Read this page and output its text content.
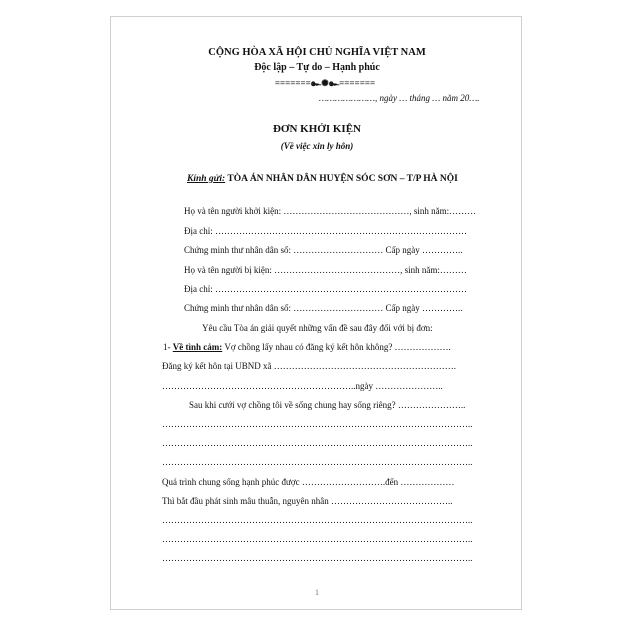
CỘNG HÒA XÃ HỘI CHỦ NGHĨA VIỆT NAM
Độc lập – Tự do – Hạnh phúc
=======๛✺๛=======
…………………, ngày … tháng … năm 20….
ĐƠN KHỞI KIỆN
(Về việc xin ly hôn)
Kính gửi: TÒA ÁN NHÂN DÂN HUYỆN SÓC SƠN – T/P HÀ NỘI
Họ và tên người khởi kiện: ……………………………………, sinh năm:………
Địa chỉ: …………………………………………………………………………
Chứng minh thư nhân dân số: ………………………… Cấp ngày …………..
Họ và tên người bị kiện: ……………………………………, sinh năm:………
Địa chỉ: …………………………………………………………………………
Chứng minh thư nhân dân số: ………………………… Cấp ngày …………..
Yêu cầu Tòa án giải quyết những vấn đề sau đây đối với bị đơn:
1- Về tình cảm: Vợ chồng lấy nhau có đăng ký kết hôn không? ……………….
Đăng ký kết hôn tại UBND xã …………………………………………………….
………………………………………………………..ngày …………………..
Sau khi cưới vợ chồng tôi về sống chung hay sống riêng? …………………..
…………………………………………………………………………………………..
…………………………………………………………………………………………..
…………………………………………………………………………………………..
Quá trình chung sống hạnh phúc được ……………………….đến ………………
Thì bắt đầu phát sinh mâu thuẫn, nguyên nhân …………………………………..
…………………………………………………………………………………………..
…………………………………………………………………………………………..
…………………………………………………………………………………………..
1
